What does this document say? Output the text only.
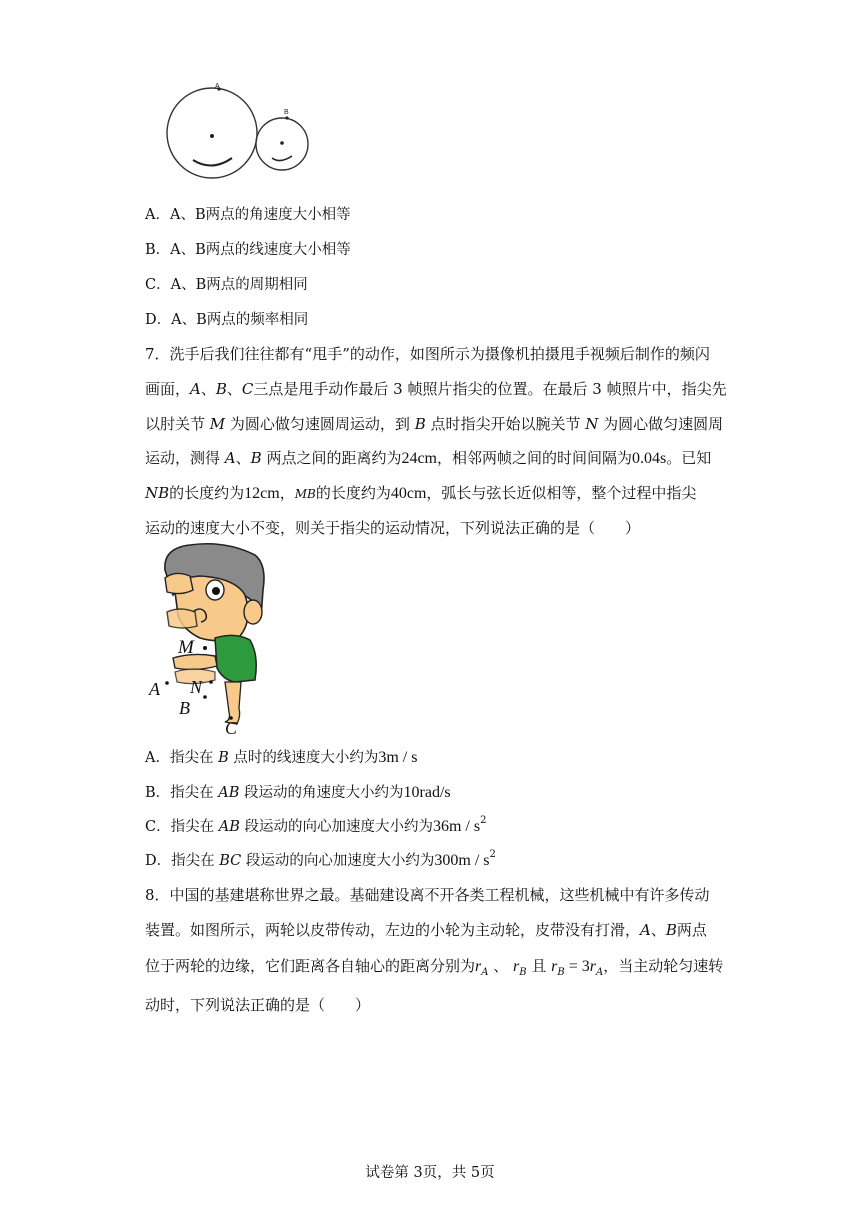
A
B
A．A、B两点的角速度大小相等
B．A、B两点的线速度大小相等
C．A、B两点的周期相同
D．A、B两点的频率相同
7．洗手后我们往往都有“甩手”的动作，如图所示为摄像机拍摄甩手视频后制作的频闪
画面，A、B、C三点是甩手动作最后 3 帧照片指尖的位置。在最后 3 帧照片中，指尖先
以肘关节 M 为圆心做匀速圆周运动，到 B 点时指尖开始以腕关节 N 为圆心做匀速圆周
运动，测得 A、B 两点之间的距离约为24cm，相邻两帧之间的时间间隔为0.04s。已知
NB的长度约为12cm，MB的长度约为40cm，弧长与弦长近似相等，整个过程中指尖
运动的速度大小不变，则关于指尖的运动情况，下列说法正确的是（　　）
M
N
A
B
C
A．指尖在 B 点时的线速度大小约为3m / s
B．指尖在 AB 段运动的角速度大小约为10rad/s
C．指尖在 AB 段运动的向心加速度大小约为$36m / s^2$
D．指尖在 BC 段运动的向心加速度大小约为$300m / s^2$
8．中国的基建堪称世界之最。基础建设离不开各类工程机械，这些机械中有许多传动
装置。如图所示，两轮以皮带传动，左边的小轮为主动轮，皮带没有打滑，A、B两点
位于两轮的边缘，它们距离各自轴心的距离分别为$r_A$ 、 $r_B$ 且 $r_B = 3r_A$，当主动轮匀速转
动时，下列说法正确的是（　　）
试卷第 3页，共 5页
